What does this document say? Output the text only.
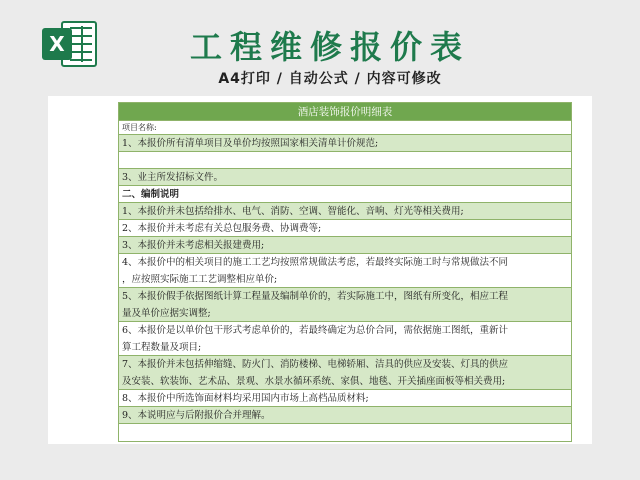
X	工程维修报价表
A4打印 / 自动公式 / 内容可修改
酒店装饰报价明细表
项目名称:
1、本报价所有清单项目及单价均按照国家相关清单计价规范;
3、业主所发招标文件。
二、编制说明
1、本报价并未包括给排水、电气、消防、空调、智能化、音响、灯光等相关费用;
2、本报价并未考虑有关总包服务费、协调费等;
3、本报价并未考虑相关报建费用;
4、本报价中的相关项目的施工工艺均按照常规做法考虑，若最终实际施工时与常规做法不同
，应按照实际施工工艺调整相应单价;
5、本报价假手依据图纸计算工程量及编制单价的，若实际施工中，图纸有所变化，相应工程
量及单价应据实调整;
6、本报价是以单价包干形式考虑单价的，若最终确定为总价合同，需依据施工图纸，重新计
算工程数量及项目;
7、本报价并未包括伸缩缝、防火门、消防楼梯、电梯轿厢、洁具的供应及安装、灯具的供应
及安装、软装饰、艺术品、景观、水景水循环系统、家俱、地毯、开关插座面板等相关费用;
8、本报价中所选饰面材料均采用国内市场上高档品质材料;
9、本说明应与后附报价合并理解。
